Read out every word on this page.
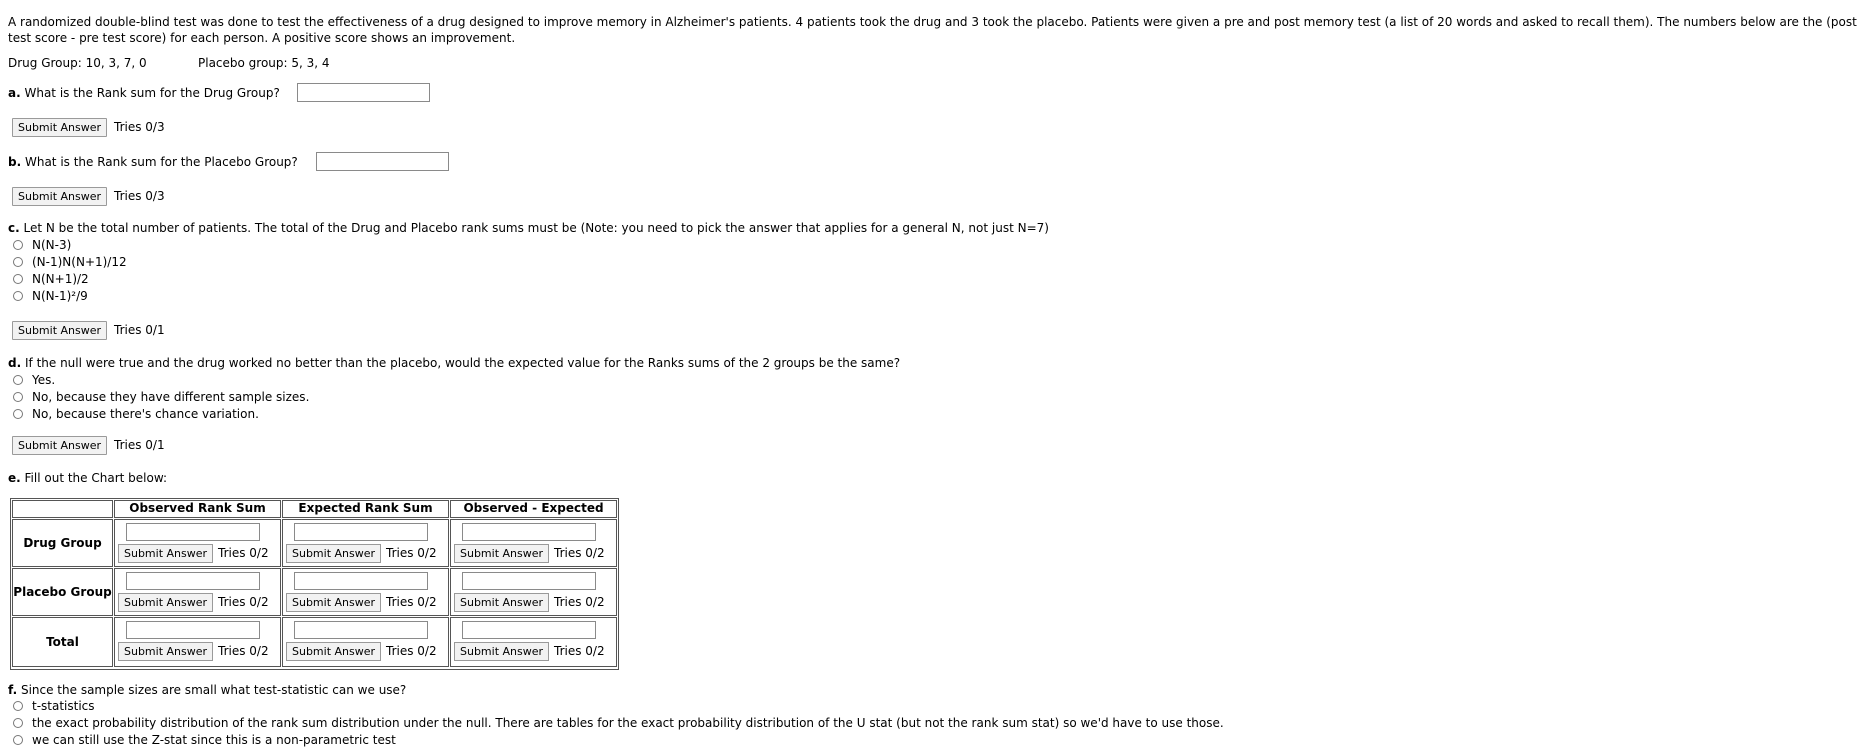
A randomized double-blind test was done to test the effectiveness of a drug designed to improve memory in Alzheimer's patients. 4 patients took the drug and 3 took the placebo. Patients were given a pre and post memory test (a list of 20 words and asked to recall them). The numbers below are the (post test score - pre test score) for each person. A positive score shows an improvement.
Drug Group: 10, 3, 7, 0	Placebo group: 5, 3, 4
a. What is the Rank sum for the Drug Group?
Submit Answer	Tries 0/3
b. What is the Rank sum for the Placebo Group?
Submit Answer	Tries 0/3
c. Let N be the total number of patients. The total of the Drug and Placebo rank sums must be (Note: you need to pick the answer that applies for a general N, not just N=7)
N(N-3)
(N-1)N(N+1)/12
N(N+1)/2
N(N-1)²/9
Submit Answer	Tries 0/1
d. If the null were true and the drug worked no better than the placebo, would the expected value for the Ranks sums of the 2 groups be the same?
Yes.
No, because they have different sample sizes.
No, because there's chance variation.
Submit Answer	Tries 0/1
e. Fill out the Chart below:
Observed Rank Sum	Expected Rank Sum	Observed - Expected
Drug Group
Submit Answer Tries 0/2	Submit Answer Tries 0/2	Submit Answer Tries 0/2
Placebo Group
Submit Answer Tries 0/2	Submit Answer Tries 0/2	Submit Answer Tries 0/2
Total
Submit Answer Tries 0/2	Submit Answer Tries 0/2	Submit Answer Tries 0/2
f. Since the sample sizes are small what test-statistic can we use?
t-statistics
the exact probability distribution of the rank sum distribution under the null. There are tables for the exact probability distribution of the U stat (but not the rank sum stat) so we'd have to use those.
we can still use the Z-stat since this is a non-parametric test
